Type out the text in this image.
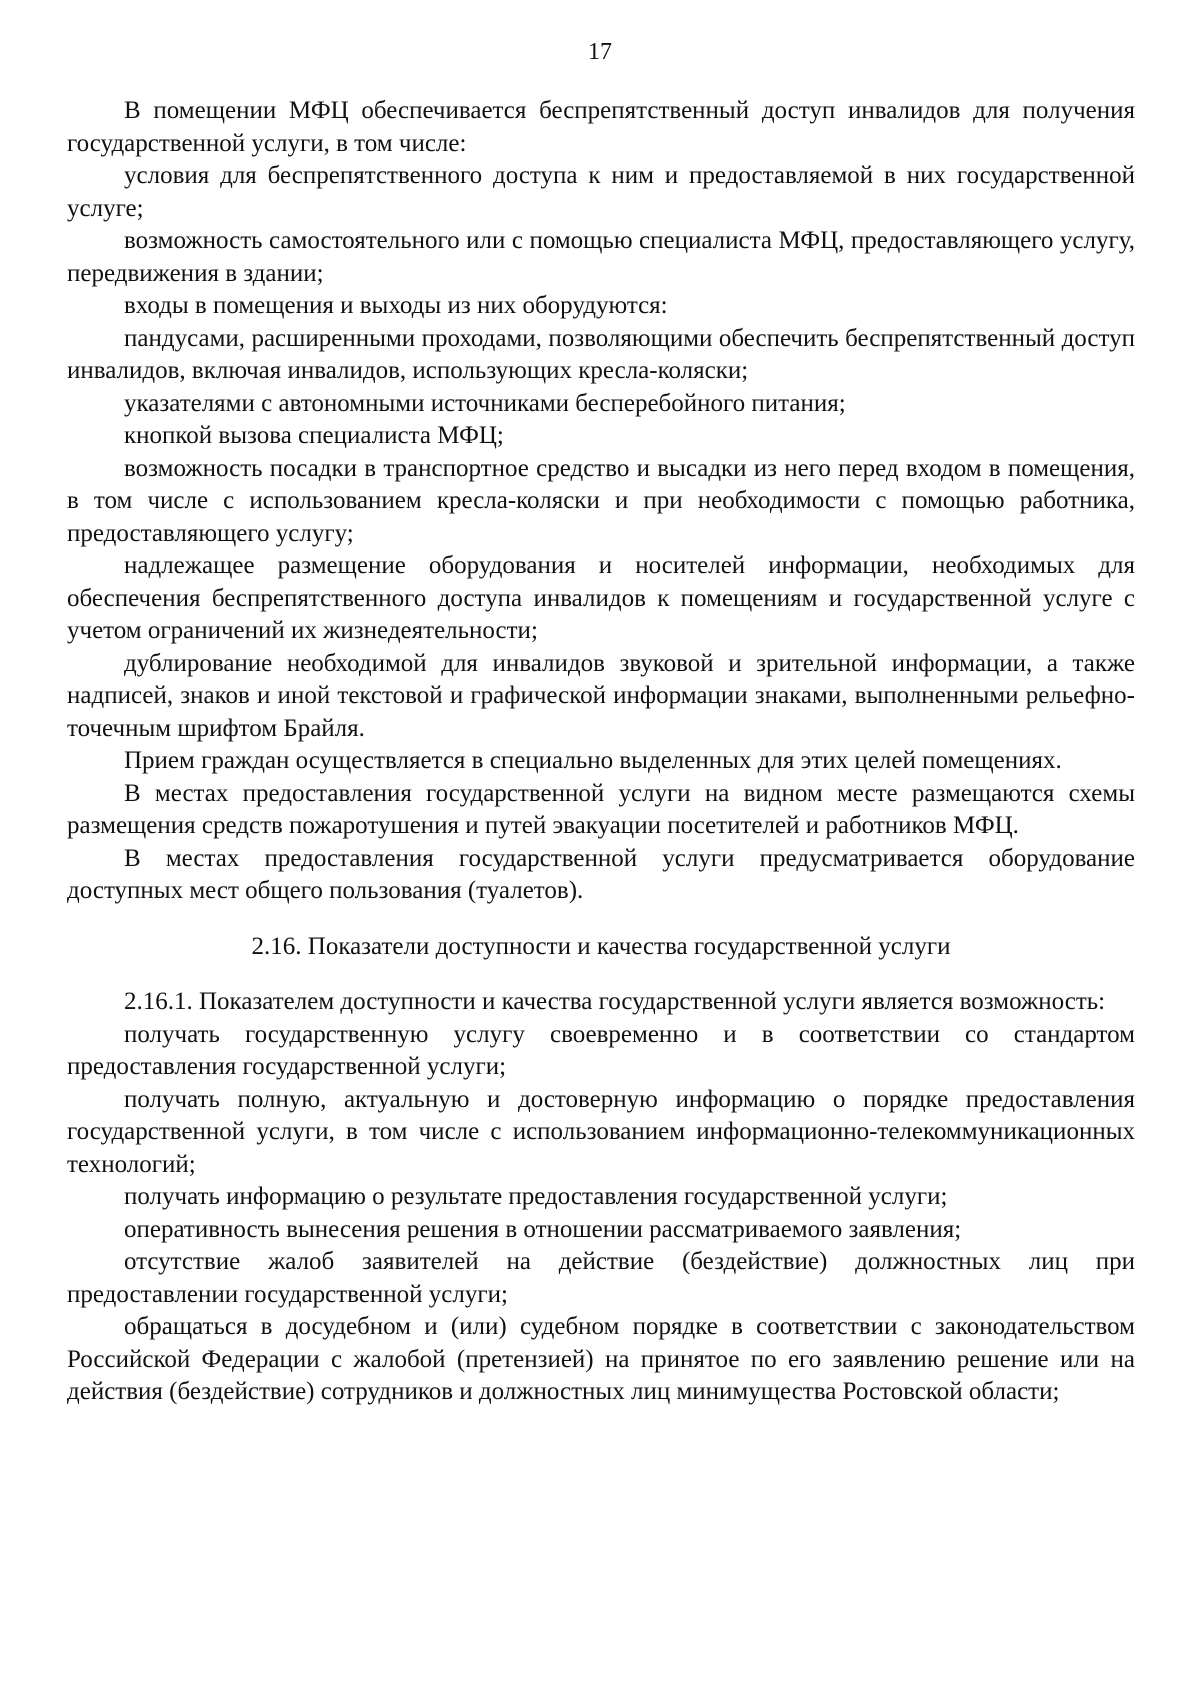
17

В помещении МФЦ обеспечивается беспрепятственный доступ инвалидов для получения государственной услуги, в том числе:

условия для беспрепятственного доступа к ним и предоставляемой в них государственной услуге;

возможность самостоятельного или с помощью специалиста МФЦ, предоставляющего услугу, передвижения в здании;

входы в помещения и выходы из них оборудуются:

пандусами, расширенными проходами, позволяющими обеспечить беспрепятственный доступ инвалидов, включая инвалидов, использующих кресла-коляски;

указателями с автономными источниками бесперебойного питания;

кнопкой вызова специалиста МФЦ;

возможность посадки в транспортное средство и высадки из него перед входом в помещения, в том числе с использованием кресла-коляски и при необходимости с помощью работника, предоставляющего услугу;

надлежащее размещение оборудования и носителей информации, необходимых для обеспечения беспрепятственного доступа инвалидов к помещениям и государственной услуге с учетом ограничений их жизнедеятельности;

дублирование необходимой для инвалидов звуковой и зрительной информации, а также надписей, знаков и иной текстовой и графической информации знаками, выполненными рельефно-точечным шрифтом Брайля.

Прием граждан осуществляется в специально выделенных для этих целей помещениях.

В местах предоставления государственной услуги на видном месте размещаются схемы размещения средств пожаротушения и путей эвакуации посетителей и работников МФЦ.

В местах предоставления государственной услуги предусматривается оборудование доступных мест общего пользования (туалетов).

2.16. Показатели доступности и качества государственной услуги

2.16.1. Показателем доступности и качества государственной услуги является возможность:

получать государственную услугу своевременно и в соответствии со стандартом предоставления государственной услуги;

получать полную, актуальную и достоверную информацию о порядке предоставления государственной услуги, в том числе с использованием информационно-телекоммуникационных технологий;

получать информацию о результате предоставления государственной услуги;

оперативность вынесения решения в отношении рассматриваемого заявления;

отсутствие жалоб заявителей на действие (бездействие) должностных лиц при предоставлении государственной услуги;

обращаться в досудебном и (или) судебном порядке в соответствии с законодательством Российской Федерации с жалобой (претензией) на принятое по его заявлению решение или на действия (бездействие) сотрудников и должностных лиц минимущества Ростовской области;
